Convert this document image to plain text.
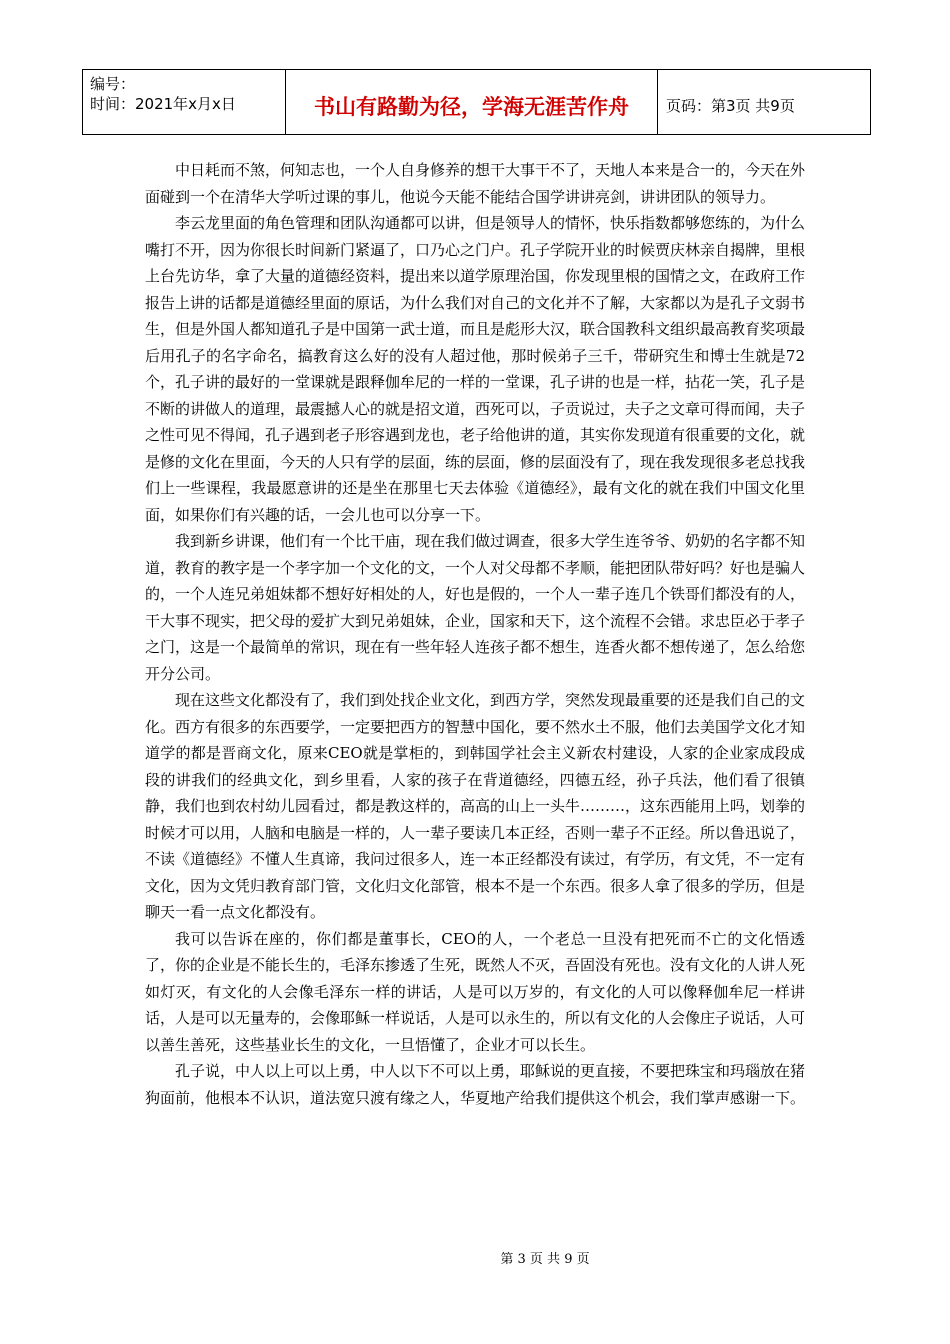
编号：
时间：2021年x月x日	书山有路勤为径，学海无涯苦作舟	页码：第3页 共9页

中日耗而不煞，何知志也，一个人自身修养的想干大事干不了，天地人本来是合一的，今天在外面碰到一个在清华大学听过课的事儿，他说今天能不能结合国学讲讲亮剑，讲讲团队的领导力。

李云龙里面的角色管理和团队沟通都可以讲，但是领导人的情怀，快乐指数都够您练的，为什么嘴打不开，因为你很长时间新门紧逼了，口乃心之门户。孔子学院开业的时候贾庆林亲自揭牌，里根上台先访华，拿了大量的道德经资料，提出来以道学原理治国，你发现里根的国情之文，在政府工作报告上讲的话都是道德经里面的原话，为什么我们对自己的文化并不了解，大家都以为是孔子文弱书生，但是外国人都知道孔子是中国第一武士道，而且是彪形大汉，联合国教科文组织最高教育奖项最后用孔子的名字命名，搞教育这么好的没有人超过他，那时候弟子三千，带研究生和博士生就是72个，孔子讲的最好的一堂课就是跟释伽牟尼的一样的一堂课，孔子讲的也是一样，拈花一笑，孔子是不断的讲做人的道理，最震撼人心的就是招文道，西死可以，子贡说过，夫子之文章可得而闻，夫子之性可见不得闻，孔子遇到老子形容遇到龙也，老子给他讲的道，其实你发现道有很重要的文化，就是修的文化在里面，今天的人只有学的层面，练的层面，修的层面没有了，现在我发现很多老总找我们上一些课程，我最愿意讲的还是坐在那里七天去体验《道德经》，最有文化的就在我们中国文化里面，如果你们有兴趣的话，一会儿也可以分享一下。

我到新乡讲课，他们有一个比干庙，现在我们做过调查，很多大学生连爷爷、奶奶的名字都不知道，教育的教字是一个孝字加一个文化的文，一个人对父母都不孝顺，能把团队带好吗？好也是骗人的，一个人连兄弟姐妹都不想好好相处的人，好也是假的，一个人一辈子连几个铁哥们都没有的人，干大事不现实，把父母的爱扩大到兄弟姐妹，企业，国家和天下，这个流程不会错。求忠臣必于孝子之门，这是一个最简单的常识，现在有一些年轻人连孩子都不想生，连香火都不想传递了，怎么给您开分公司。

现在这些文化都没有了，我们到处找企业文化，到西方学，突然发现最重要的还是我们自己的文化。西方有很多的东西要学，一定要把西方的智慧中国化，要不然水土不服，他们去美国学文化才知道学的都是晋商文化，原来CEO就是掌柜的，到韩国学社会主义新农村建设，人家的企业家成段成段的讲我们的经典文化，到乡里看，人家的孩子在背道德经，四德五经，孙子兵法，他们看了很镇静，我们也到农村幼儿园看过，都是教这样的，高高的山上一头牛………，这东西能用上吗，划拳的时候才可以用，人脑和电脑是一样的，人一辈子要读几本正经，否则一辈子不正经。所以鲁迅说了，不读《道德经》不懂人生真谛，我问过很多人，连一本正经都没有读过，有学历，有文凭，不一定有文化，因为文凭归教育部门管，文化归文化部管，根本不是一个东西。很多人拿了很多的学历，但是聊天一看一点文化都没有。

我可以告诉在座的，你们都是董事长，CEO的人，一个老总一旦没有把死而不亡的文化悟透了，你的企业是不能长生的，毛泽东掺透了生死，既然人不灭，吾固没有死也。没有文化的人讲人死如灯灭，有文化的人会像毛泽东一样的讲话，人是可以万岁的，有文化的人可以像释伽牟尼一样讲话，人是可以无量寿的，会像耶稣一样说话，人是可以永生的，所以有文化的人会像庄子说话，人可以善生善死，这些基业长生的文化，一旦悟懂了，企业才可以长生。

孔子说，中人以上可以上勇，中人以下不可以上勇，耶稣说的更直接，不要把珠宝和玛瑙放在猪狗面前，他根本不认识，道法宽只渡有缘之人，华夏地产给我们提供这个机会，我们掌声感谢一下。

第 3 页 共 9 页
